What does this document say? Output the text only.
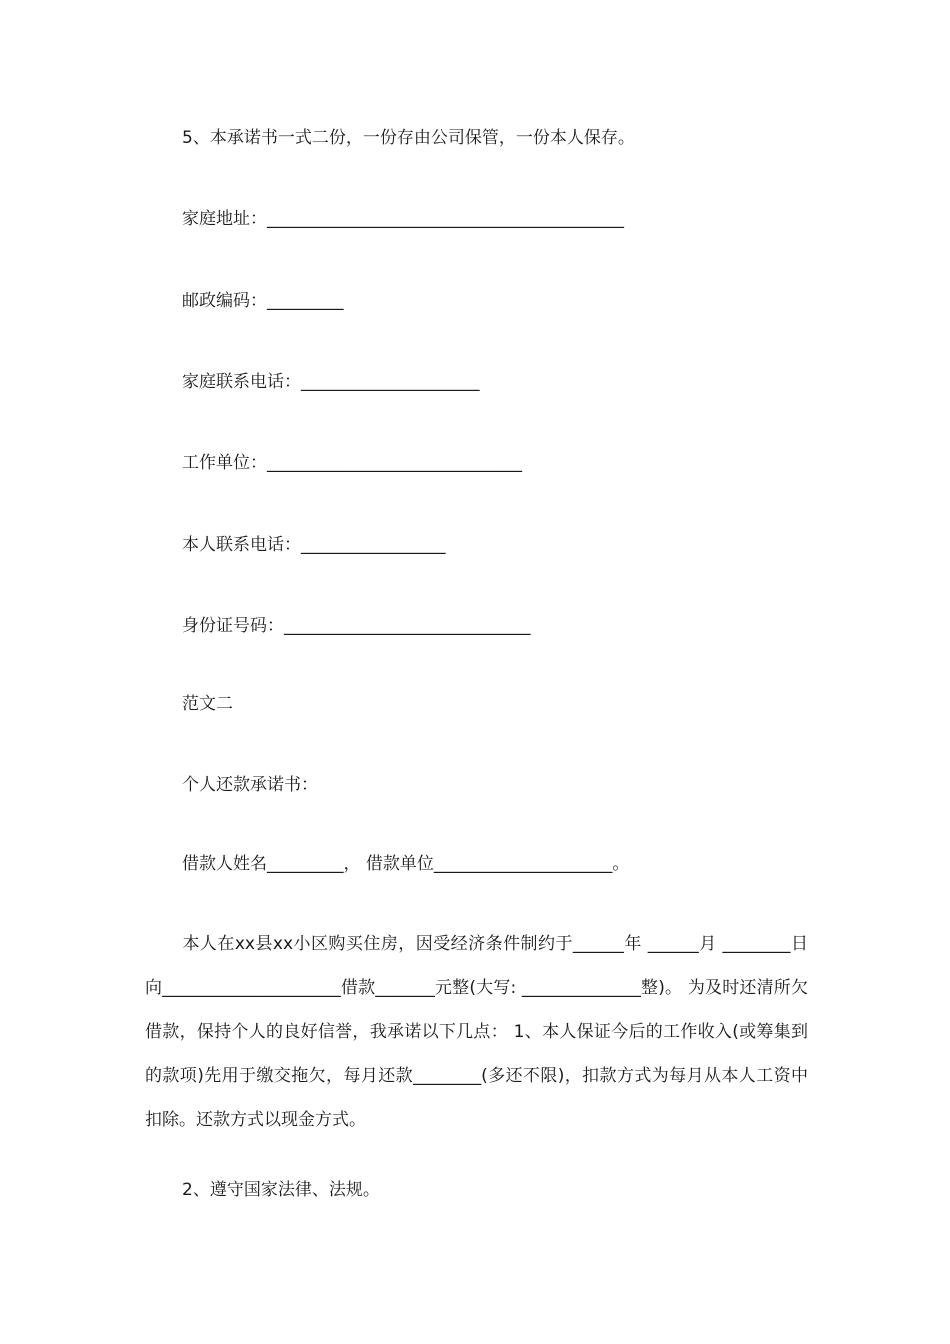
5、本承诺书一式二份，一份存由公司保管，一份本人保存。
家庭地址：__________________________________________
邮政编码：_________
家庭联系电话：_____________________
工作单位：______________________________
本人联系电话：_________________
身份证号码：_____________________________
范文二
个人还款承诺书：
借款人姓名_________， 借款单位_____________________。
本人在xx县xx小区购买住房，因受经济条件制约于______年 ______月 ________日向_____________________借款_______元整(大写: ______________整)。 为及时还清所欠借款，保持个人的良好信誉，我承诺以下几点： 1、本人保证今后的工作收入(或筹集到的款项)先用于缴交拖欠，每月还款________(多还不限)，扣款方式为每月从本人工资中扣除。还款方式以现金方式。
2、遵守国家法律、法规。
